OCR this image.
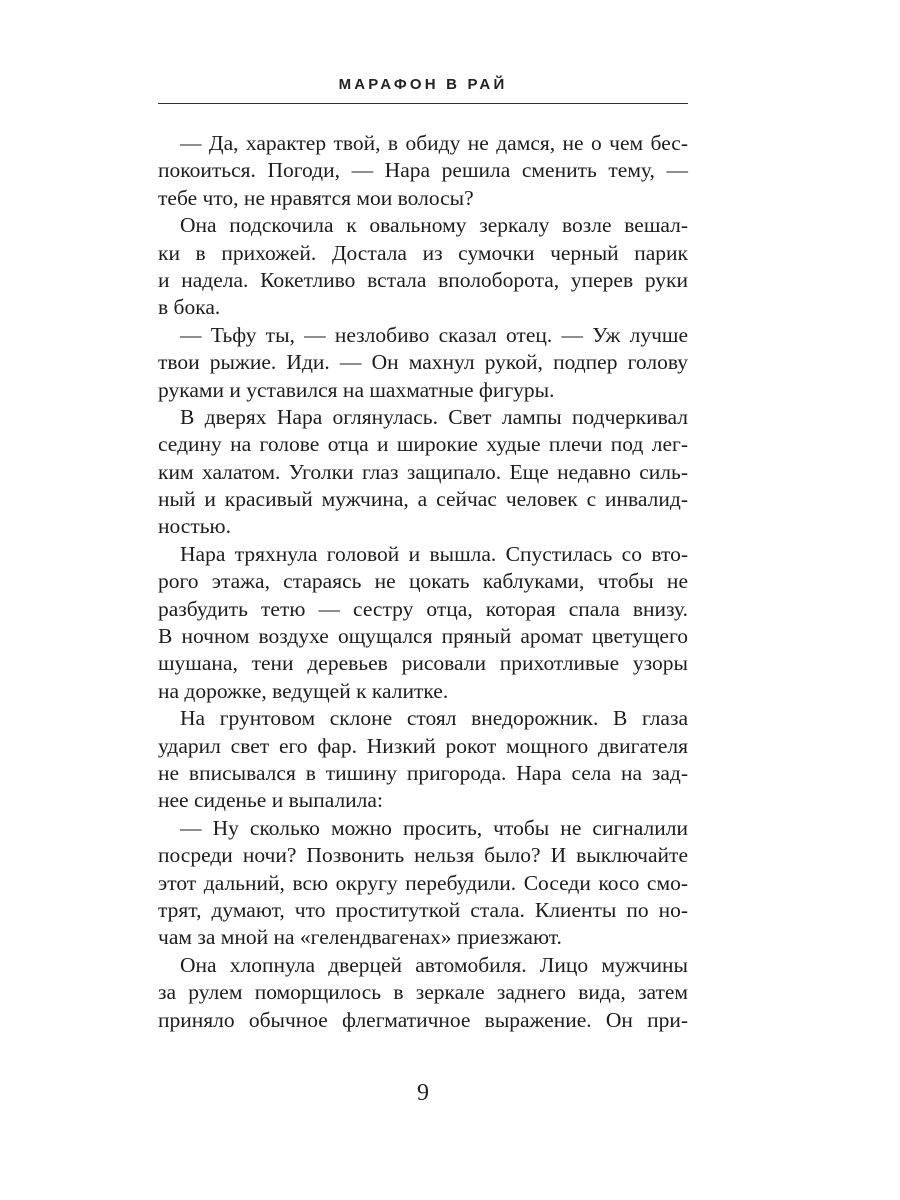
МАРАФОН В РАЙ
— Да, характер твой, в обиду не дамся, не о чем бес-
покоиться. Погоди, — Нара решила сменить тему, —
тебе что, не нравятся мои волосы?
Она подскочила к овальному зеркалу возле вешал-
ки в прихожей. Достала из сумочки черный парик
и надела. Кокетливо встала вполоборота, уперев руки
в бока.
— Тьфу ты, — незлобиво сказал отец. — Уж лучше
твои рыжие. Иди. — Он махнул рукой, подпер голову
руками и уставился на шахматные фигуры.
В дверях Нара оглянулась. Свет лампы подчеркивал
седину на голове отца и широкие худые плечи под лег-
ким халатом. Уголки глаз защипало. Еще недавно силь-
ный и красивый мужчина, а сейчас человек с инвалид-
ностью.
Нара тряхнула головой и вышла. Спустилась со вто-
рого этажа, стараясь не цокать каблуками, чтобы не
разбудить тетю — сестру отца, которая спала внизу.
В ночном воздухе ощущался пряный аромат цветущего
шушана, тени деревьев рисовали прихотливые узоры
на дорожке, ведущей к калитке.
На грунтовом склоне стоял внедорожник. В глаза
ударил свет его фар. Низкий рокот мощного двигателя
не вписывался в тишину пригорода. Нара села на зад-
нее сиденье и выпалила:
— Ну сколько можно просить, чтобы не сигналили
посреди ночи? Позвонить нельзя было? И выключайте
этот дальний, всю округу перебудили. Соседи косо смо-
трят, думают, что проституткой стала. Клиенты по но-
чам за мной на «гелендвагенах» приезжают.
Она хлопнула дверцей автомобиля. Лицо мужчины
за рулем поморщилось в зеркале заднего вида, затем
приняло обычное флегматичное выражение. Он при-
9
